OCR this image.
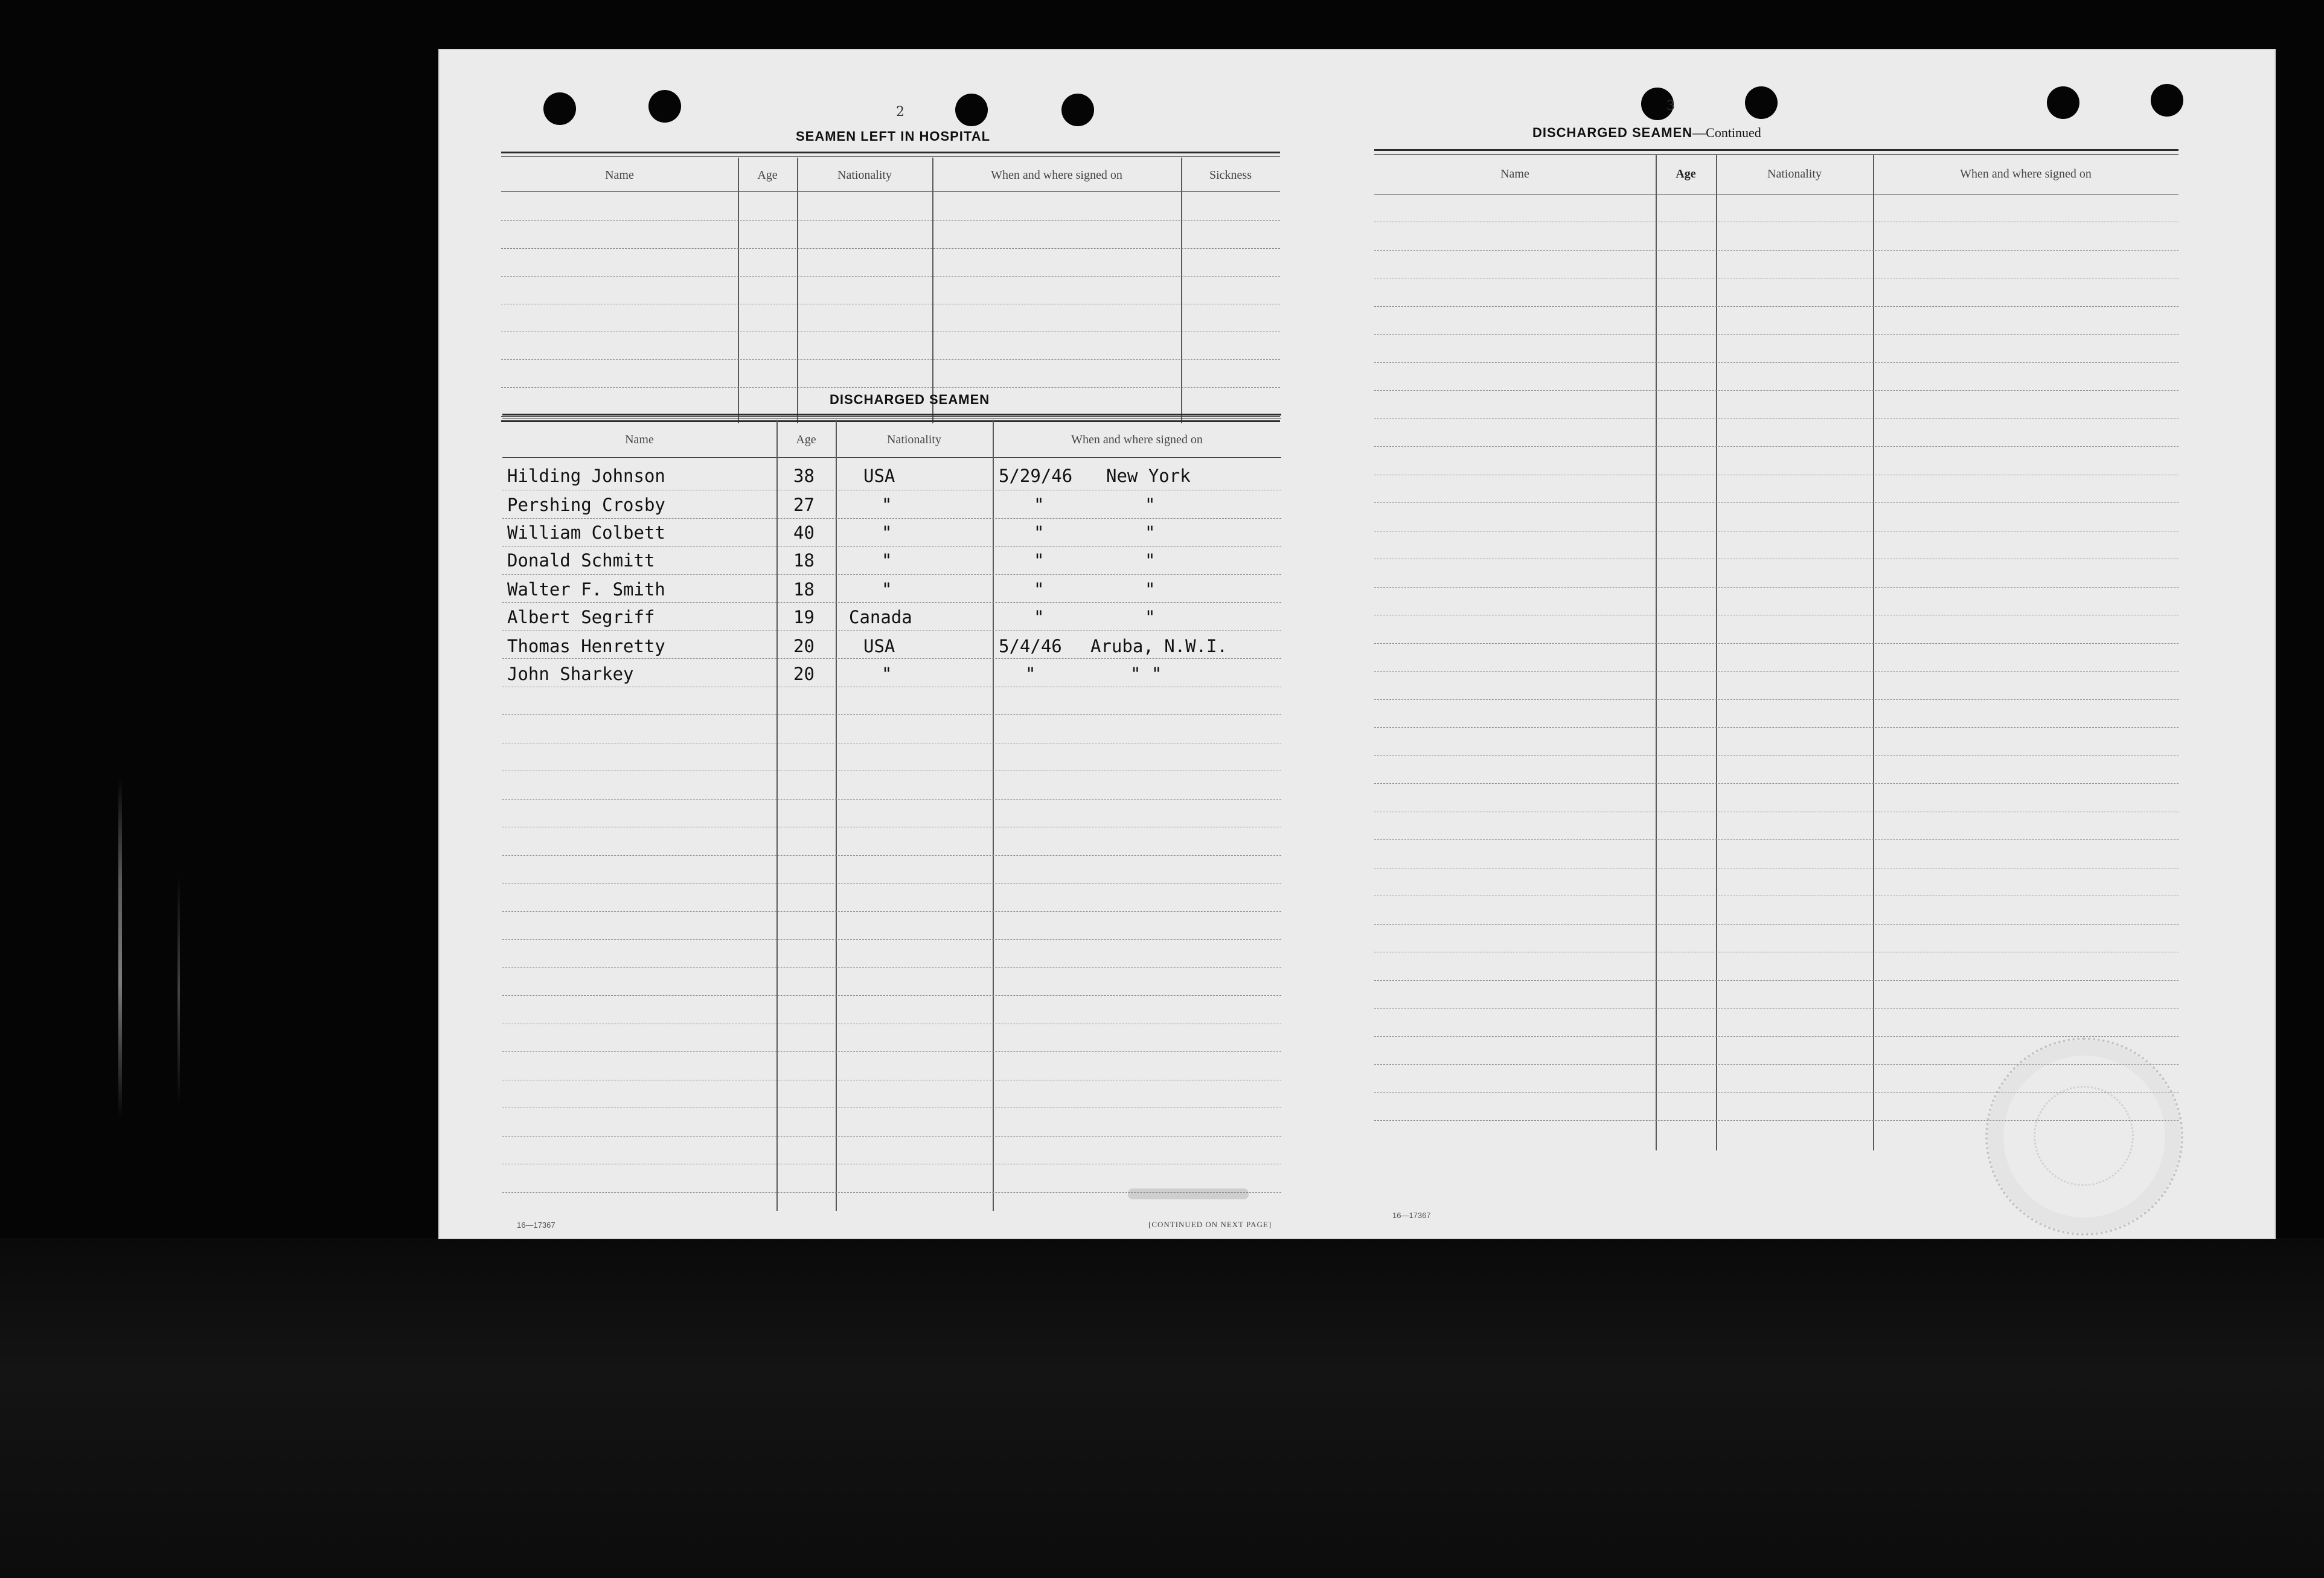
2
SEAMEN LEFT IN HOSPITAL
Name	Age	Nationality	When and where signed on	Sickness
DISCHARGED SEAMEN
Name	Age	Nationality	When and where signed on
Hilding Johnson	38	USA	5/29/46 New York
Pershing Crosby	27	"	"	"
William Colbett	40	"	"	"
Donald Schmitt	18	"	"	"
Walter F. Smith	18	"	"	"
Albert Segriff	19 Canada	"	"
Thomas Henretty	20	USA	5/4/46 Aruba, N.W.I.
John Sharkey	20	"	"	" "
16—17367	[CONTINUED ON NEXT PAGE]
3
DISCHARGED SEAMEN—Continued
Name	Age	Nationality	When and where signed on
16—17367
